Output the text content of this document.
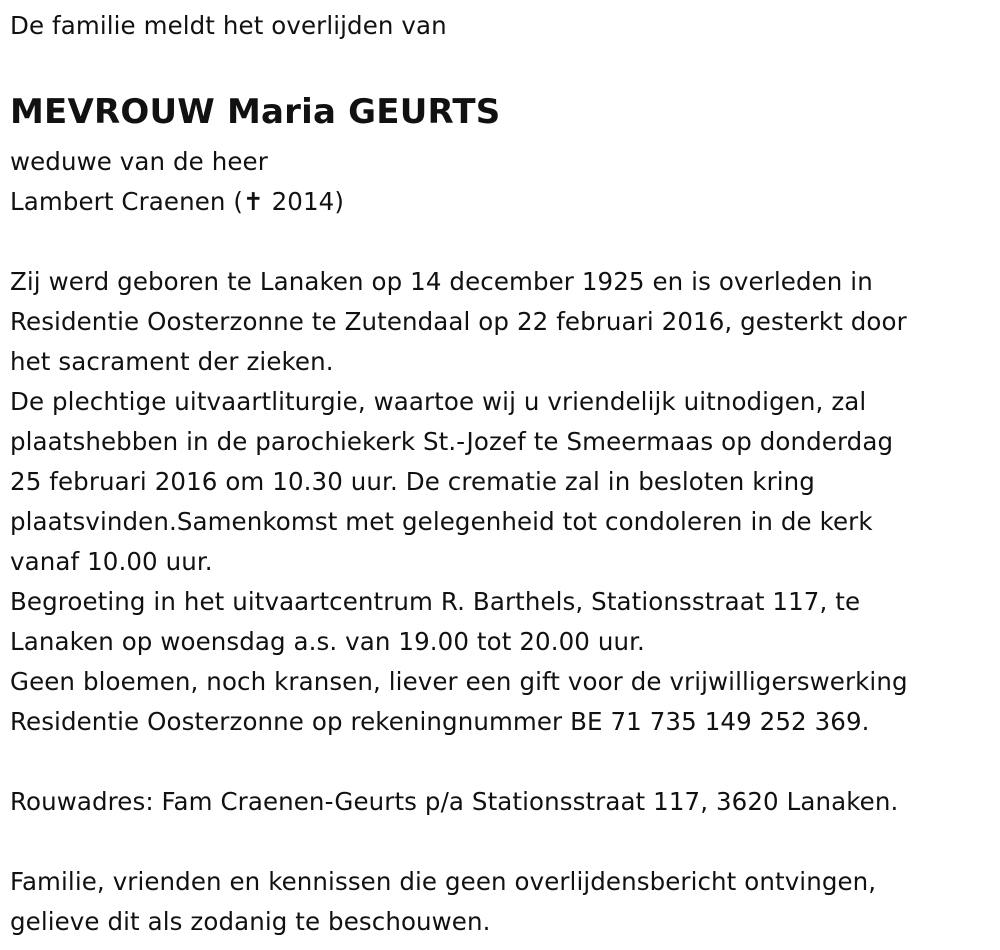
De familie meldt het overlijden van
MEVROUW Maria GEURTS
weduwe van de heer
Lambert Craenen (✝ 2014)
Zij werd geboren te Lanaken op 14 december 1925 en is overleden in
Residentie Oosterzonne te Zutendaal op 22 februari 2016, gesterkt door
het sacrament der zieken.
De plechtige uitvaartliturgie, waartoe wij u vriendelijk uitnodigen, zal
plaatshebben in de parochiekerk St.-Jozef te Smeermaas op donderdag
25 februari 2016 om 10.30 uur. De crematie zal in besloten kring
plaatsvinden.Samenkomst met gelegenheid tot condoleren in de kerk
vanaf 10.00 uur.
Begroeting in het uitvaartcentrum R. Barthels, Stationsstraat 117, te
Lanaken op woensdag a.s. van 19.00 tot 20.00 uur.
Geen bloemen, noch kransen, liever een gift voor de vrijwilligerswerking
Residentie Oosterzonne op rekeningnummer BE 71 735 149 252 369.
Rouwadres: Fam Craenen-Geurts p/a Stationsstraat 117, 3620 Lanaken.
Familie, vrienden en kennissen die geen overlijdensbericht ontvingen,
gelieve dit als zodanig te beschouwen.
